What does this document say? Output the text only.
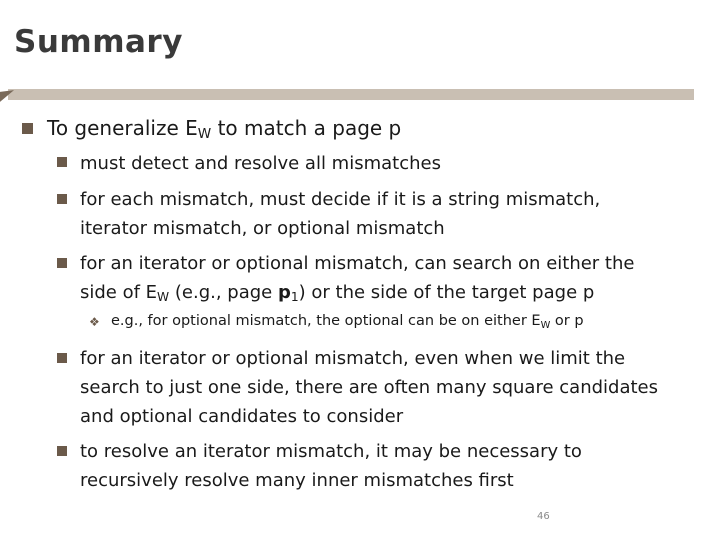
Summary
To generalize $E_W$ to match a page p
must detect and resolve all mismatches
for each mismatch, must decide if it is a string mismatch,
iterator mismatch, or optional mismatch
for an iterator or optional mismatch, can search on either the
side of $E_W$ (e.g., page $p_1$) or the side of the target page p
❖ e.g., for optional mismatch, the optional can be on either $E_W$ or p
for an iterator or optional mismatch, even when we limit the
search to just one side, there are often many square candidates
and optional candidates to consider
to resolve an iterator mismatch, it may be necessary to
recursively resolve many inner mismatches first
46
